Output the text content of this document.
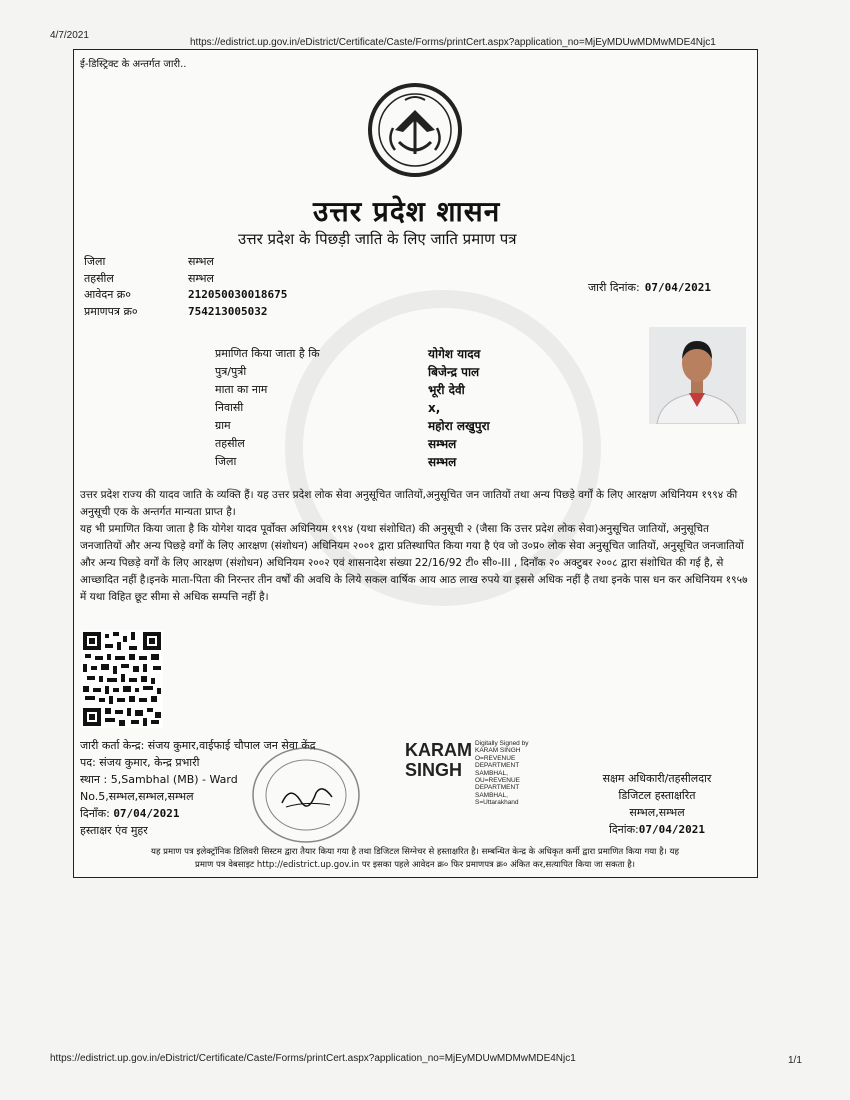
4/7/2021
https://edistrict.up.gov.in/eDistrict/Certificate/Caste/Forms/printCert.aspx?application_no=MjEyMDUwMDMwMDE4Njc1
https://edistrict.up.gov.in/eDistrict/Certificate/Caste/Forms/printCert.aspx?application_no=MjEyMDUwMDMwMDE4Njc1	1/1
ई-डिस्ट्रिक्ट के अन्तर्गत जारी..
उत्तर प्रदेश शासन
उत्तर प्रदेश के पिछड़ी जाति के लिए जाति प्रमाण पत्र
जिला
तहसील
आवेदन क्र०
प्रमाणपत्र क्र०
सम्भल
सम्भल
212050030018675
754213005032
जारी दिनांक: 07/04/2021
प्रमाणित किया जाता है कि
पुत्र/पुत्री
माता का नाम
निवासी
ग्राम
तहसील
जिला
योगेश यादव
बिजेन्द्र पाल
भूरी देवी
x,
महोरा लखुपुरा
सम्भल
सम्भल
उत्तर प्रदेश राज्य की यादव जाति के व्यक्ति हैं। यह उत्तर प्रदेश लोक सेवा अनुसूचित जातियों,अनुसूचित जन जातियों तथा अन्य पिछड़े वर्गों के लिए आरक्षण अधिनियम १९९४ की अनुसूची एक के अन्तर्गत मान्यता प्राप्त है।
यह भी प्रमाणित किया जाता है कि योगेश यादव पूर्वोक्त अधिनियम १९९४ (यथा संशोधित) की अनुसूची २ (जैसा कि उत्तर प्रदेश लोक सेवा)अनुसूचित जातियों, अनुसूचित जनजातियों और अन्य पिछड़े वर्गों के लिए आरक्षण (संशोधन) अधिनियम २००१ द्वारा प्रतिस्थापित किया गया है एंव जो उ०प्र० लोक सेवा अनुसूचित जातियों, अनुसूचित जनजातियों और अन्य पिछड़े वर्गों के लिए आरक्षण (संशोधन) अधिनियम २००२ एवं शासनादेश संख्या 22/16/92 टी० सी०-III , दिनाँक २० अक्टुबर २००८ द्वारा संशोधित की गई है, से आच्छादित नहीं है।इनके माता-पिता की निरन्तर तीन वर्षों की अवधि के लिये सकल वार्षिक आय आठ लाख रुपये या इससे अधिक नहीं है तथा इनके पास धन कर अधिनियम १९५७ में यथा विहित छूट सीमा से अधिक सम्पत्ति नहीं है।
जारी कर्ता केन्द्र: संजय कुमार,वाईफाई चौपाल जन सेवा केंद्र
पद: संजय कुमार, केन्द्र प्रभारी
स्थान : 5,Sambhal (MB) - Ward
No.5,सम्भल,सम्भल,सम्भल
दिनाँक: 07/04/2021
हस्ताक्षर एंव मुहर
KARAM
SINGH
Digitally Signed by
KARAM SINGH
O=REVENUE
DEPARTMENT
SAMBHAL,
OU=REVENUE
DEPARTMENT
SAMBHAL,
S=Uttarakhand
सक्षम अधिकारी/तहसीलदार
डिजिटल हस्ताक्षरित
सम्भल,सम्भल
दिनांक:07/04/2021
यह प्रमाण पत्र इलेक्ट्रॉनिक डिलिवरी सिस्टम द्वारा तैयार किया गया है तथा डिजिटल सिग्नेचर से हस्ताक्षरित है। सम्बन्धित केन्द्र के अधिकृत कर्मी द्वारा प्रमाणित किया गया है। यह
प्रमाण पत्र वेबसाइट http://edistrict.up.gov.in पर इसका पहले आवेदन क्र० फिर प्रमाणपत्र क्र० अंकित कर,सत्यापित किया जा सकता है।
